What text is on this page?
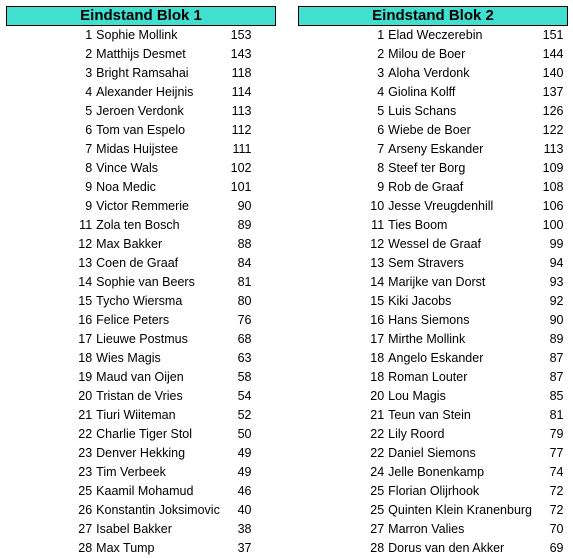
Eindstand Blok 1		
1	Sophie Mollink	153
2	Matthijs Desmet	143
3	Bright Ramsahai	118
4	Alexander Heijnis	114
5	Jeroen Verdonk	113
6	Tom van Espelo	112
7	Midas Huijstee	111
8	Vince Wals	102
9	Noa Medic	101
9	Victor Remmerie	90
11	Zola ten Bosch	89
12	Max Bakker	88
13	Coen de Graaf	84
14	Sophie van Beers	81
15	Tycho Wiersma	80
16	Felice Peters	76
17	Lieuwe Postmus	68
18	Wies Magis	63
19	Maud van Oijen	58
20	Tristan de Vries	54
21	Tiuri Wiiteman	52
22	Charlie Tiger Stol	50
23	Denver Hekking	49
23	Tim Verbeek	49
25	Kaamil Mohamud	46
26	Konstantin Joksimovic	40
27	Isabel Bakker	38
28	Max Tump	37
Eindstand Blok 2		
1	Elad Weczerebin	151
2	Milou de Boer	144
3	Aloha Verdonk	140
4	Giolina Kolff	137
5	Luis Schans	126
6	Wiebe de Boer	122
7	Arseny Eskander	113
8	Steef ter Borg	109
9	Rob de Graaf	108
10	Jesse Vreugdenhill	106
11	Ties Boom	100
12	Wessel de Graaf	99
13	Sem Stravers	94
14	Marijke van Dorst	93
15	Kiki Jacobs	92
16	Hans Siemons	90
17	Mirthe Mollink	89
18	Angelo Eskander	87
18	Roman Louter	87
20	Lou Magis	85
21	Teun van Stein	81
22	Lily Roord	79
22	Daniel Siemons	77
24	Jelle Bonenkamp	74
25	Florian Olijrhook	72
25	Quinten Klein Kranenburg	72
27	Marron Valies	70
28	Dorus van den Akker	69
